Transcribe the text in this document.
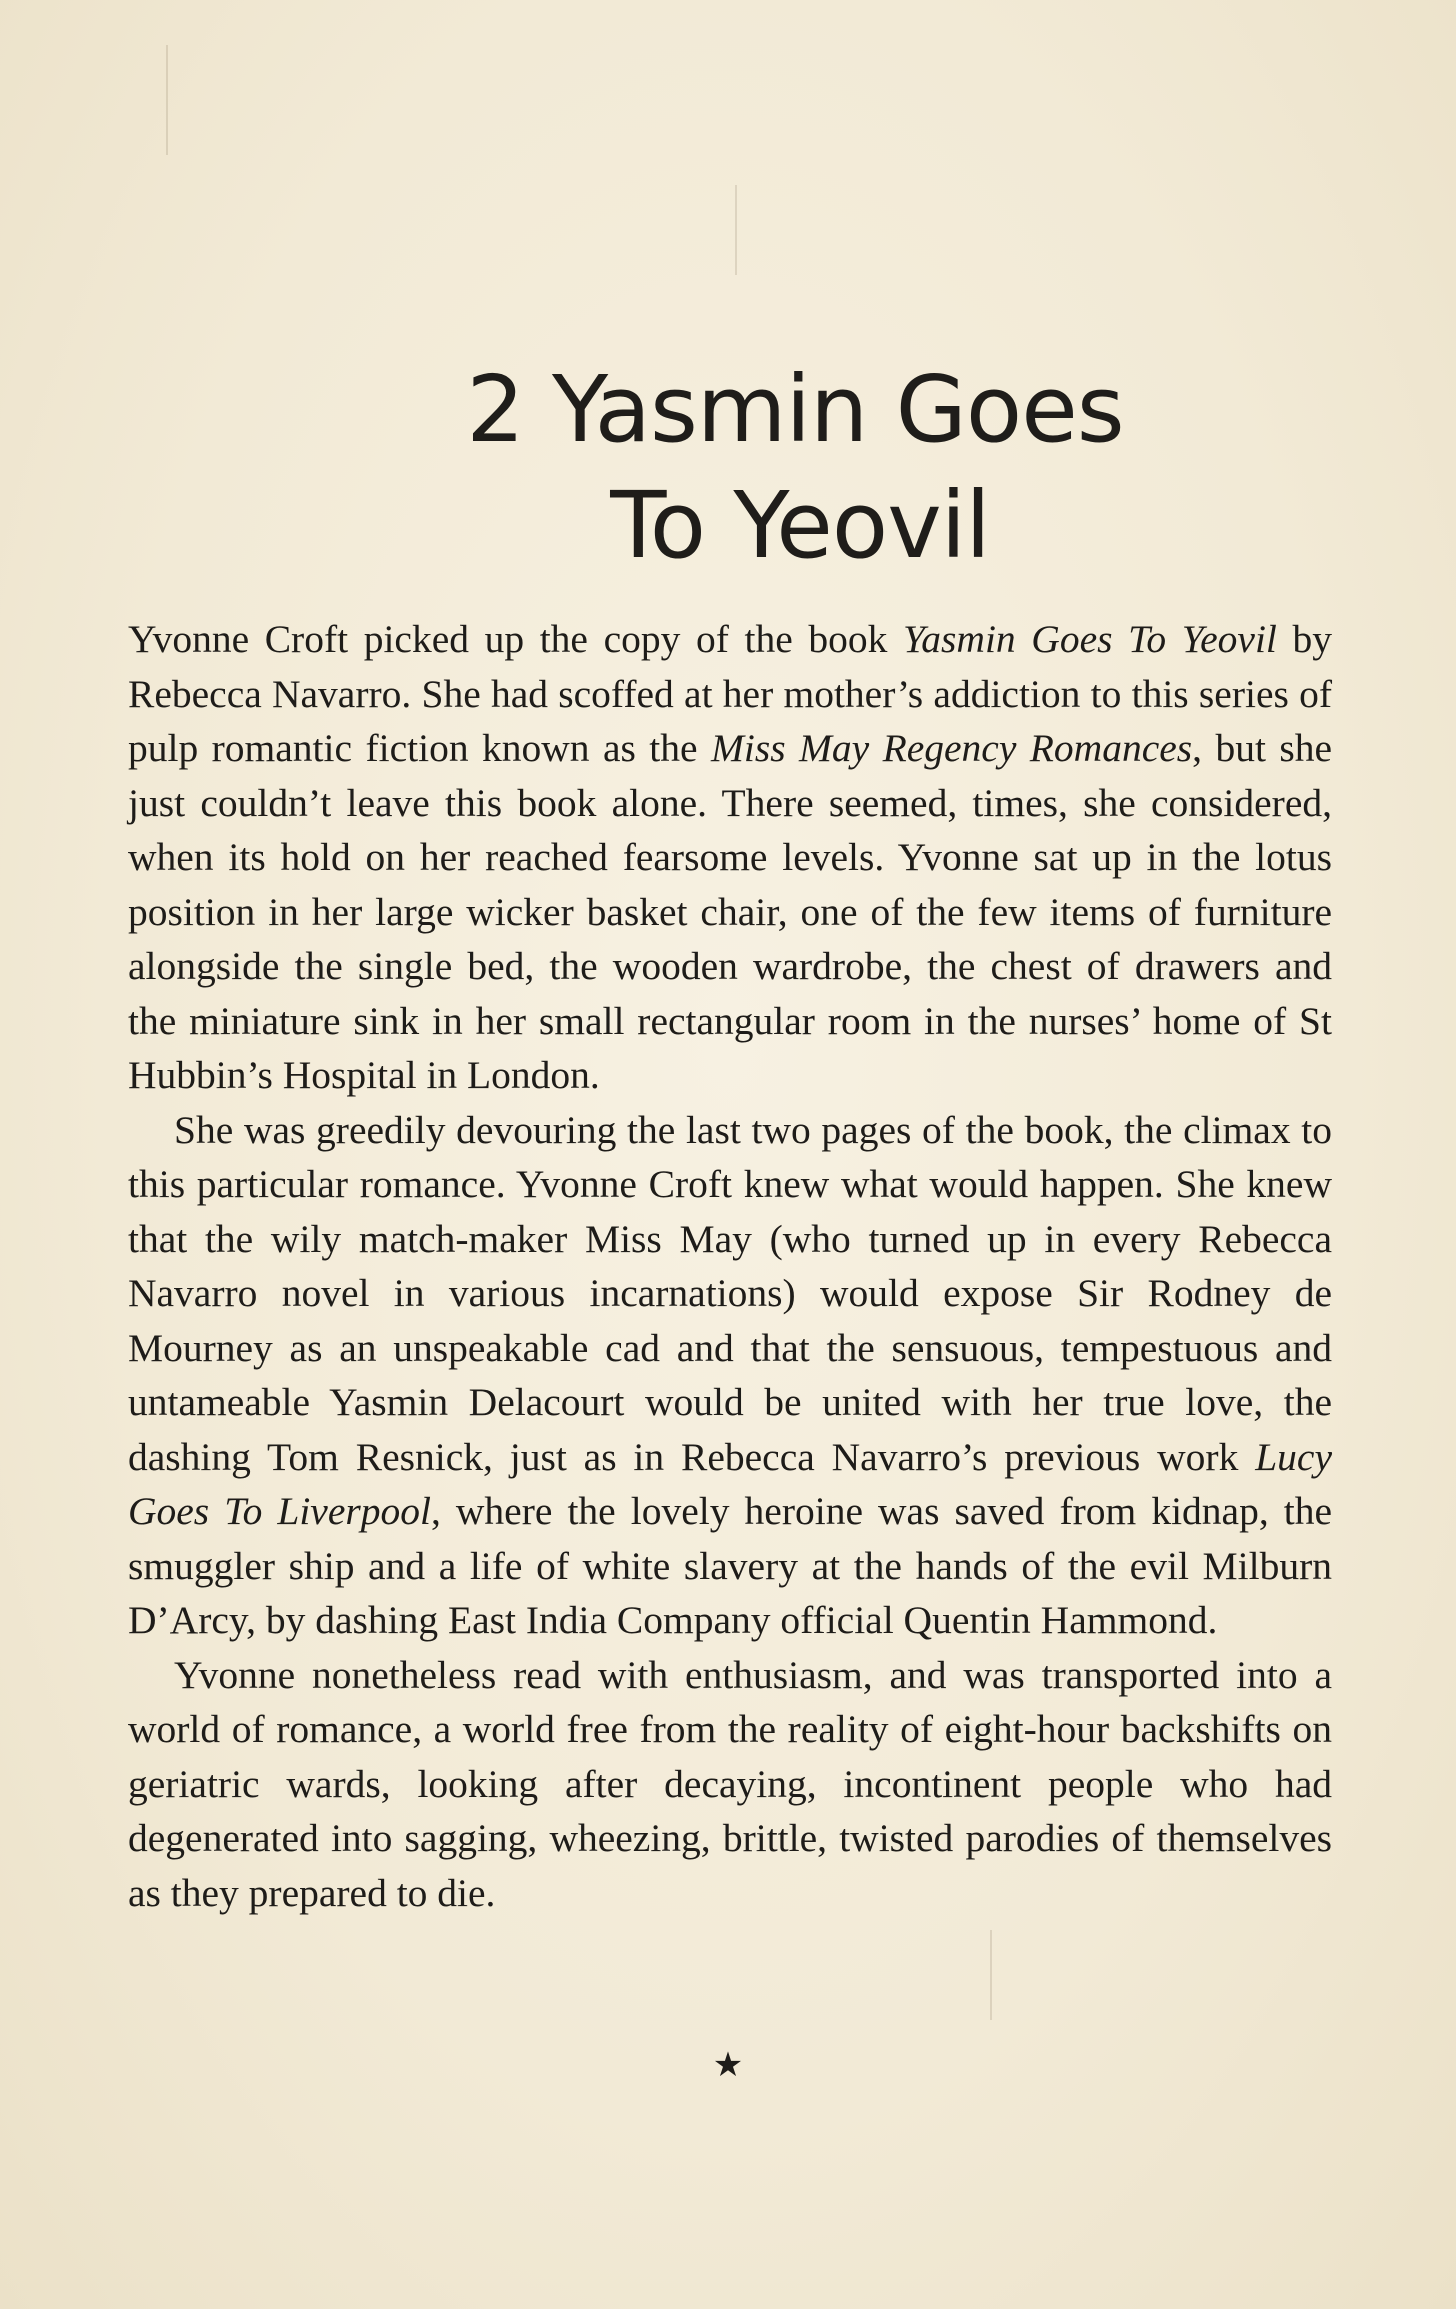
2 Yasmin Goes
To Yeovil

Yvonne Croft picked up the copy of the book Yasmin Goes To Yeovil by Rebecca Navarro. She had scoffed at her mother’s addiction to this series of pulp romantic fiction known as the Miss May Regency Romances, but she just couldn’t leave this book alone. There seemed, times, she considered, when its hold on her reached fearsome levels. Yvonne sat up in the lotus position in her large wicker basket chair, one of the few items of furniture alongside the single bed, the wooden wardrobe, the chest of drawers and the miniature sink in her small rectangular room in the nurses’ home of St Hubbin’s Hospital in London.

She was greedily devouring the last two pages of the book, the climax to this particular romance. Yvonne Croft knew what would happen. She knew that the wily match-maker Miss May (who turned up in every Rebecca Navarro novel in various incarnations) would expose Sir Rodney de Mourney as an unspeakable cad and that the sensuous, tempestuous and untameable Yasmin Delacourt would be united with her true love, the dashing Tom Resnick, just as in Rebecca Navarro’s previous work Lucy Goes To Liverpool, where the lovely heroine was saved from kidnap, the smuggler ship and a life of white slavery at the hands of the evil Milburn D’Arcy, by dashing East India Company official Quentin Hammond.

Yvonne nonetheless read with enthusiasm, and was transported into a world of romance, a world free from the reality of eight-hour backshifts on geriatric wards, looking after decaying, incontinent people who had degenerated into sagging, wheezing, brittle, twisted parodies of themselves as they prepared to die.

★
